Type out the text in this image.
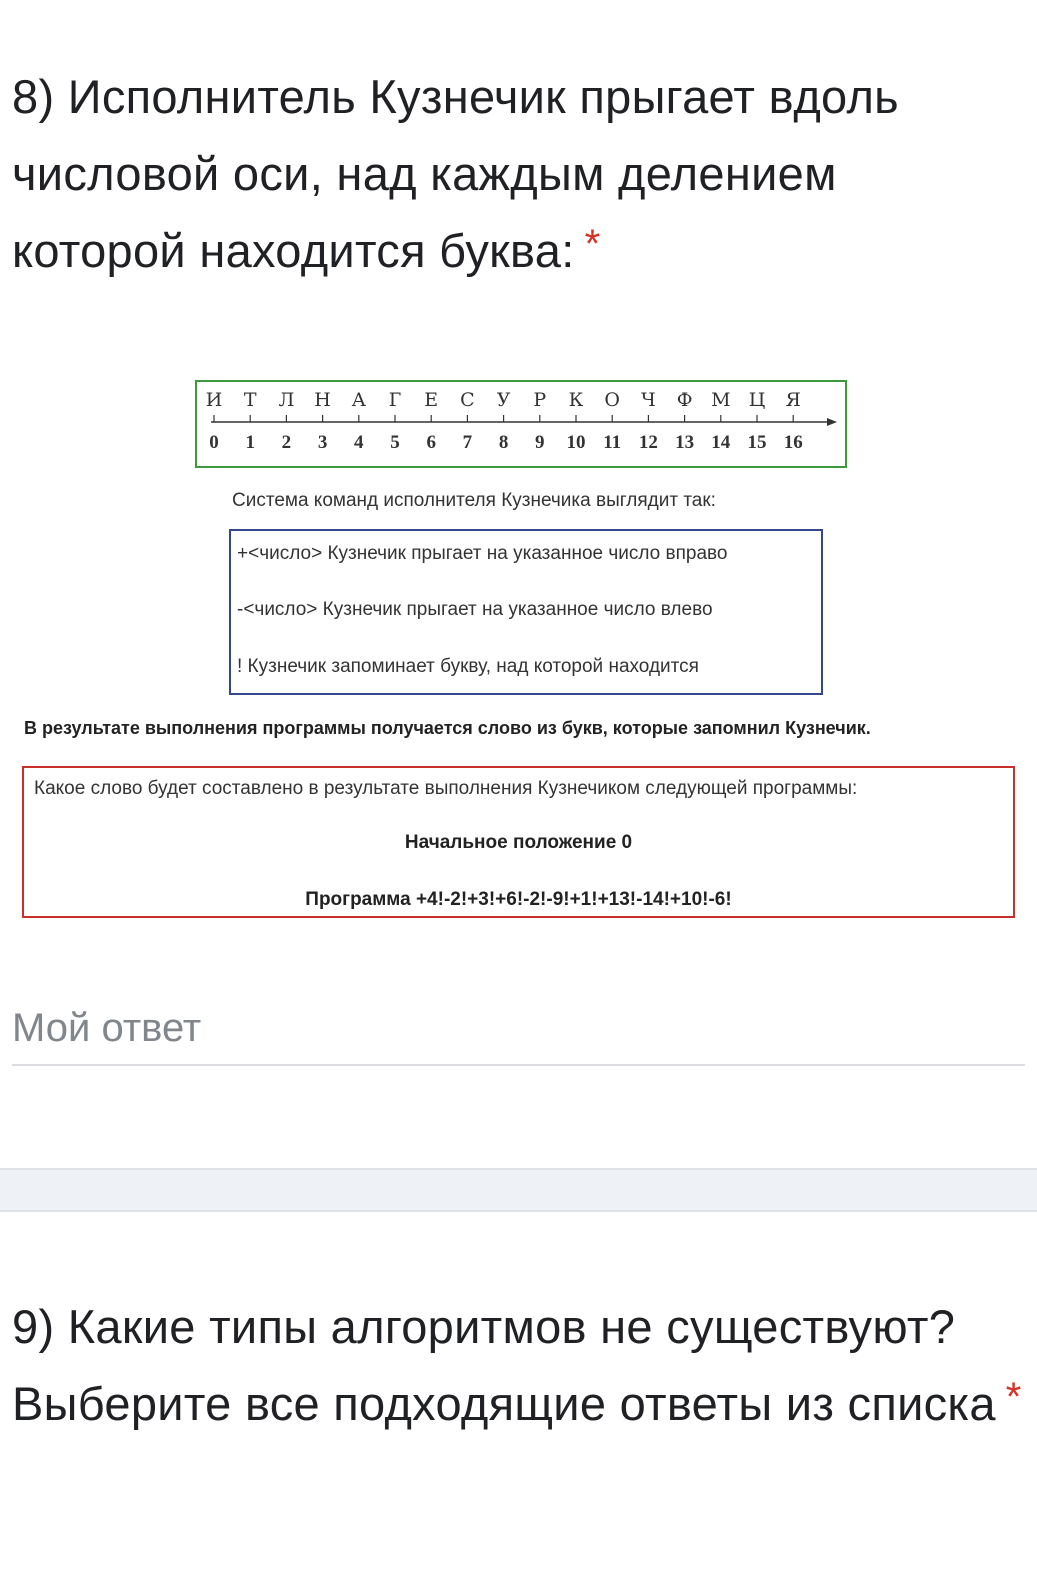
8) Исполнитель Кузнечик прыгает вдоль числовой оси, над каждым делением которой находится буква: *
И Т Л Н А Г Е С У Р К О Ч Ф М Ц Я
0 1 2 3 4 5 6 7 8 9 10 11 12 13 14 15 16
Система команд исполнителя Кузнечика выглядит так:
+<число> Кузнечик прыгает на указанное число вправо
-<число> Кузнечик прыгает на указанное число влево
! Кузнечик запоминает букву, над которой находится
В результате выполнения программы получается слово из букв, которые запомнил Кузнечик.
Какое слово будет составлено в результате выполнения Кузнечиком следующей программы:
Начальное положение 0
Программа +4!-2!+3!+6!-2!-9!+1!+13!-14!+10!-6!
Мой ответ
9) Какие типы алгоритмов не существуют? Выберите все подходящие ответы из списка *
